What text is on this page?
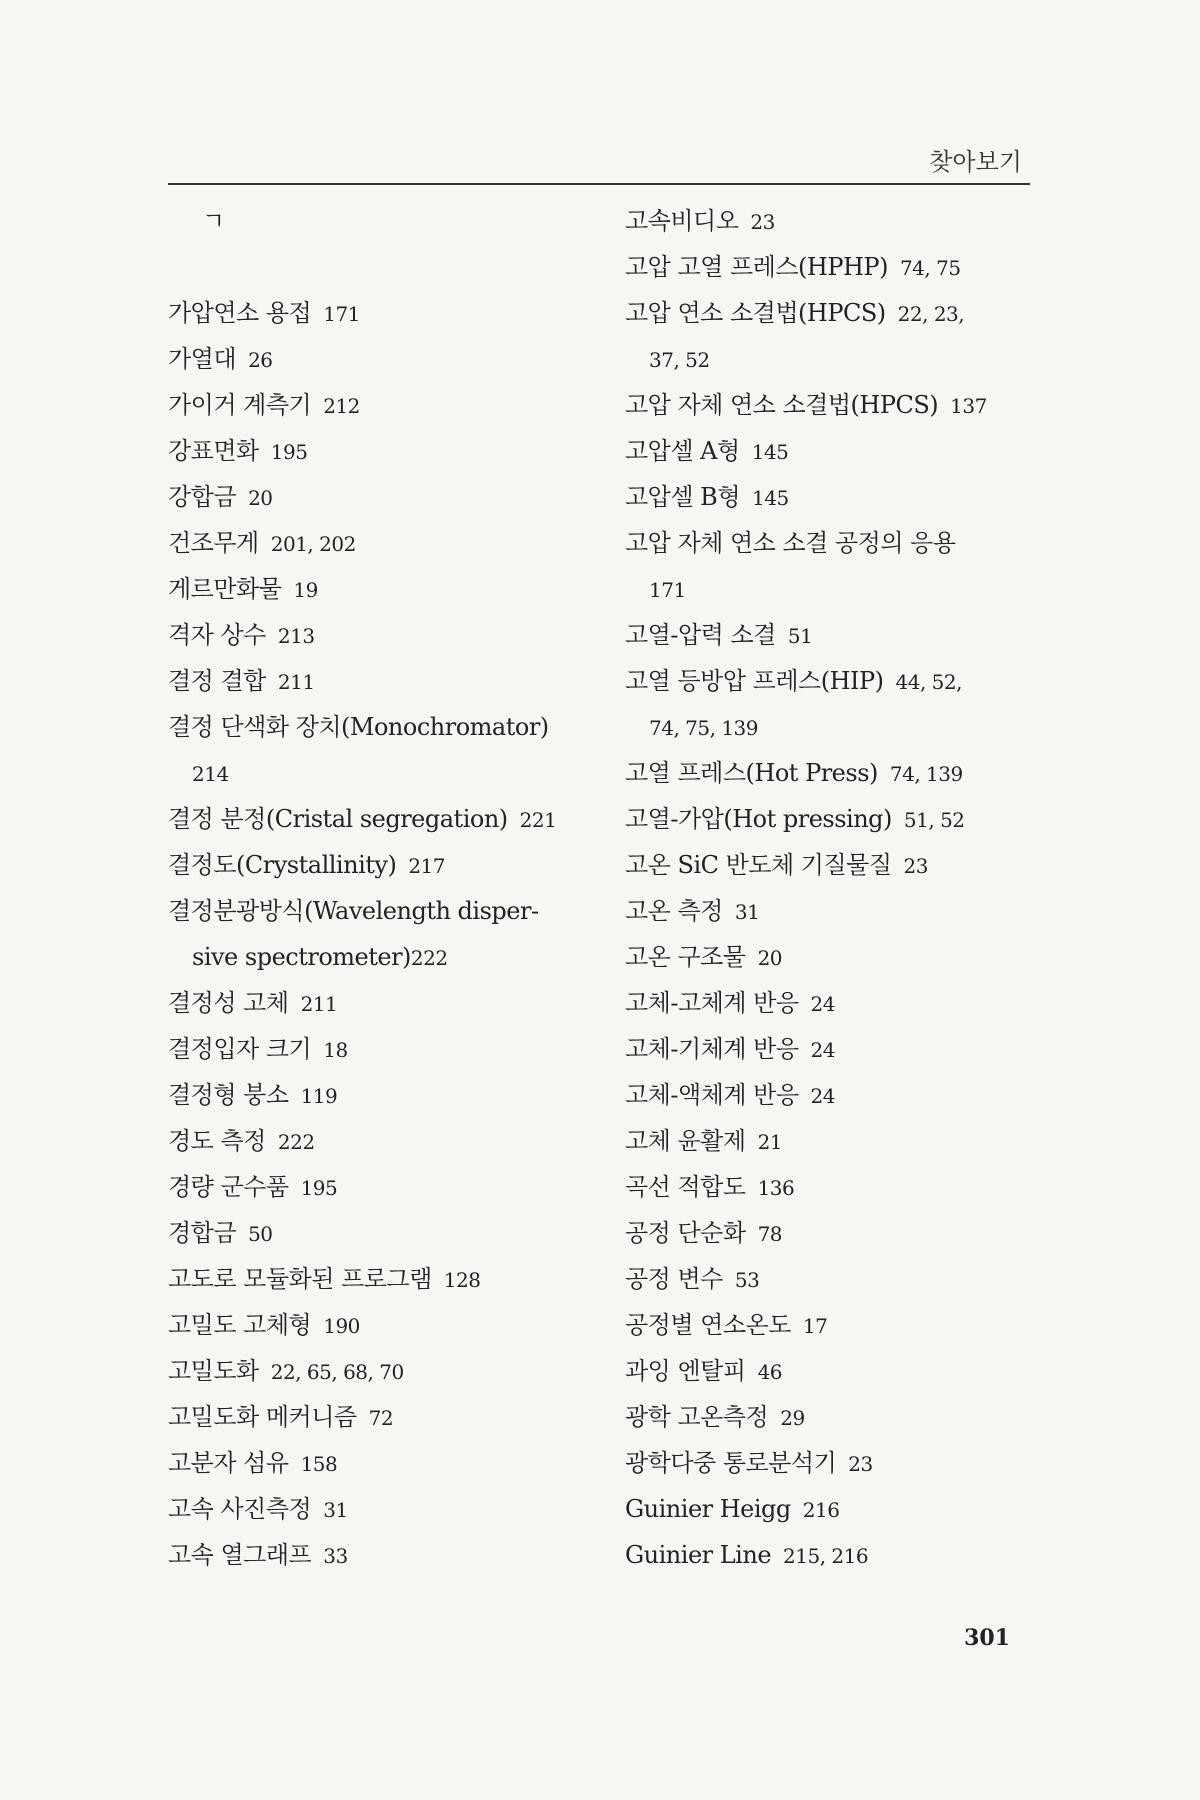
찾아보기
ㄱ
가압연소 용접 171
가열대 26
가이거 계측기 212
강표면화 195
강합금 20
건조무게 201, 202
게르만화물 19
격자 상수 213
결정 결합 211
결정 단색화 장치(Monochromator)
214
결정 분정(Cristal segregation) 221
결정도(Crystallinity) 217
결정분광방식(Wavelength disper-
sive spectrometer)222
결정성 고체 211
결정입자 크기 18
결정형 붕소 119
경도 측정 222
경량 군수품 195
경합금 50
고도로 모듈화된 프로그램 128
고밀도 고체형 190
고밀도화 22, 65, 68, 70
고밀도화 메커니즘 72
고분자 섬유 158
고속 사진측정 31
고속 열그래프 33
고속비디오 23
고압 고열 프레스(HPHP) 74, 75
고압 연소 소결법(HPCS) 22, 23,
37, 52
고압 자체 연소 소결법(HPCS) 137
고압셀 A형 145
고압셀 B형 145
고압 자체 연소 소결 공정의 응용
171
고열-압력 소결 51
고열 등방압 프레스(HIP) 44, 52,
74, 75, 139
고열 프레스(Hot Press) 74, 139
고열-가압(Hot pressing) 51, 52
고온 SiC 반도체 기질물질 23
고온 측정 31
고온 구조물 20
고체-고체계 반응 24
고체-기체계 반응 24
고체-액체계 반응 24
고체 윤활제 21
곡선 적합도 136
공정 단순화 78
공정 변수 53
공정별 연소온도 17
과잉 엔탈피 46
광학 고온측정 29
광학다중 통로분석기 23
Guinier Heigg 216
Guinier Line 215, 216
301
